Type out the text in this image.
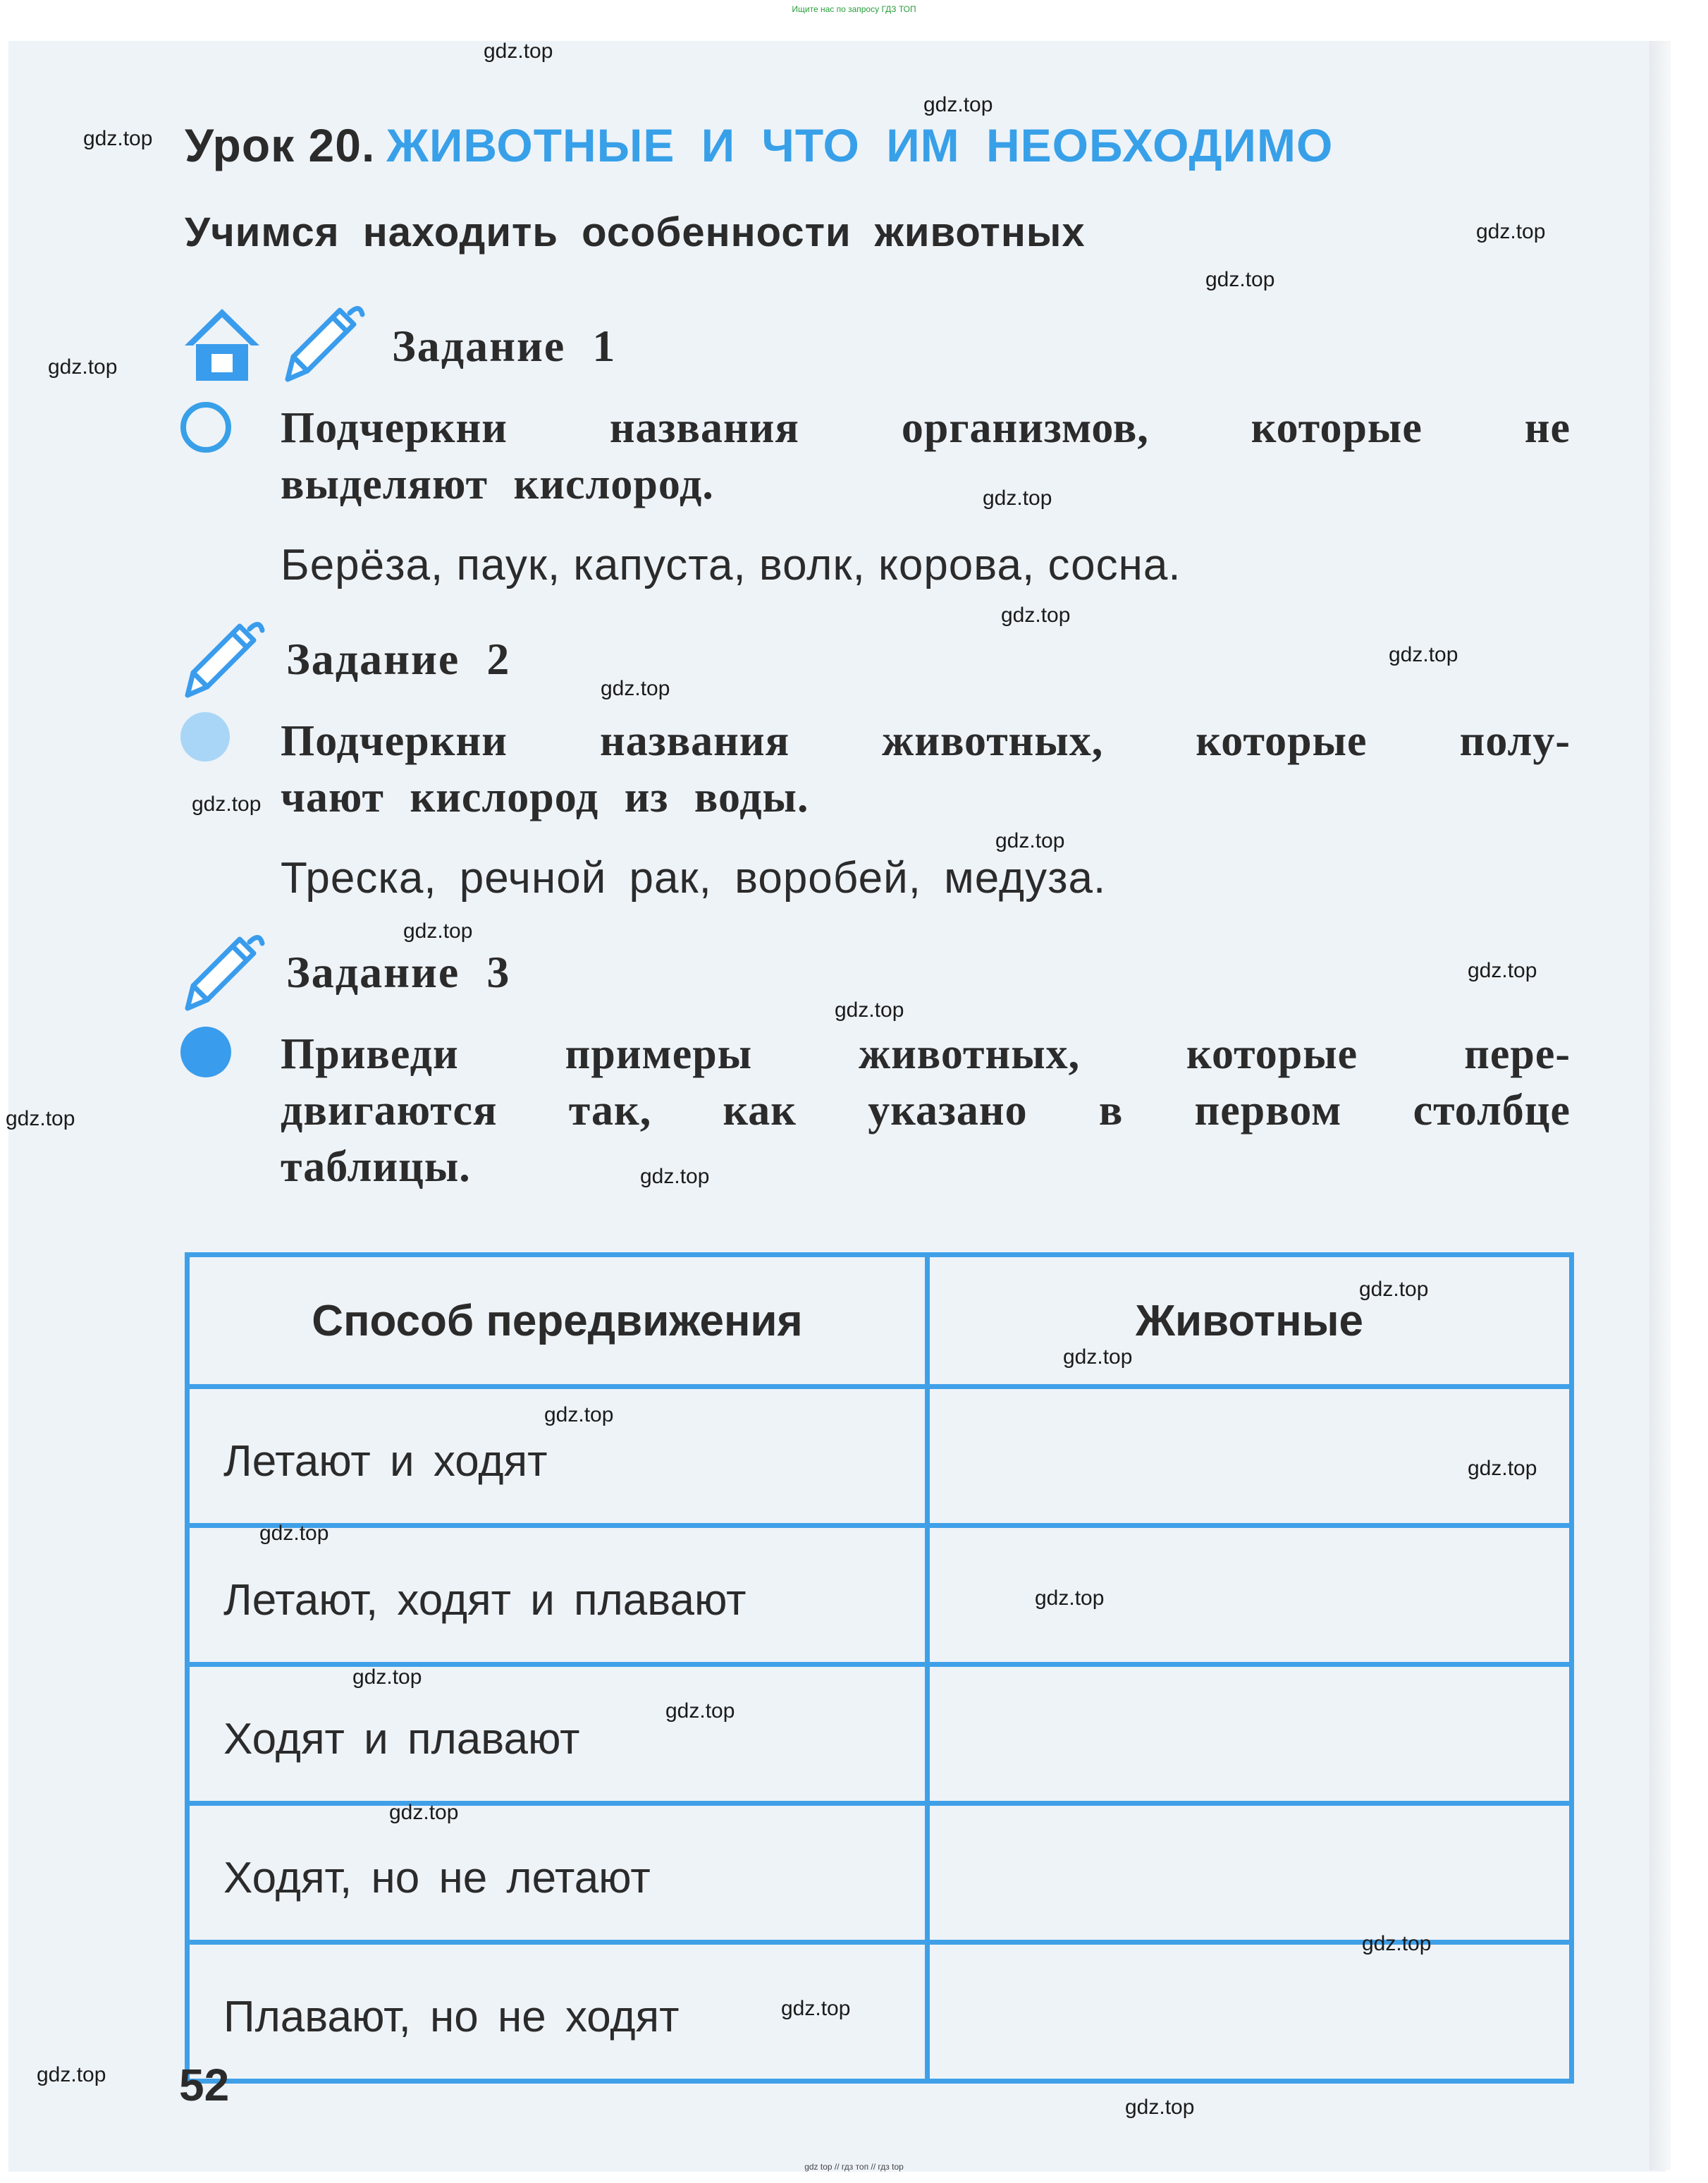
Ищите нас по запросу ГДЗ ТОП
Урок 20. ЖИВОТНЫЕ И ЧТО ИМ НЕОБХОДИМО
Учимся находить особенности животных
Задание 1
Подчеркни названия организмов, которые не
выделяют кислород.
Берёза, паук, капуста, волк, корова, сосна.
Задание 2
Подчеркни названия животных, которые полу-
чают кислород из воды.
Треска, речной рак, воробей, медуза.
Задание 3
Приведи примеры животных, которые пере-
двигаются так, как указано в первом столбце
таблицы.
Способ передвижения	Животные
Летают и ходят	
Летают, ходят и плавают	
Ходят и плавают	
Ходят, но не летают	
Плавают, но не ходят	
52
gdz top // гдз топ // гдз top
gdz.top
gdz.top
gdz.top
gdz.top
gdz.top
gdz.top
gdz.top
gdz.top
gdz.top
gdz.top
gdz.top
gdz.top
gdz.top
gdz.top
gdz.top
gdz.top
gdz.top
gdz.top
gdz.top
gdz.top
gdz.top
gdz.top
gdz.top
gdz.top
gdz.top
gdz.top
gdz.top
gdz.top
gdz.top
gdz.top
